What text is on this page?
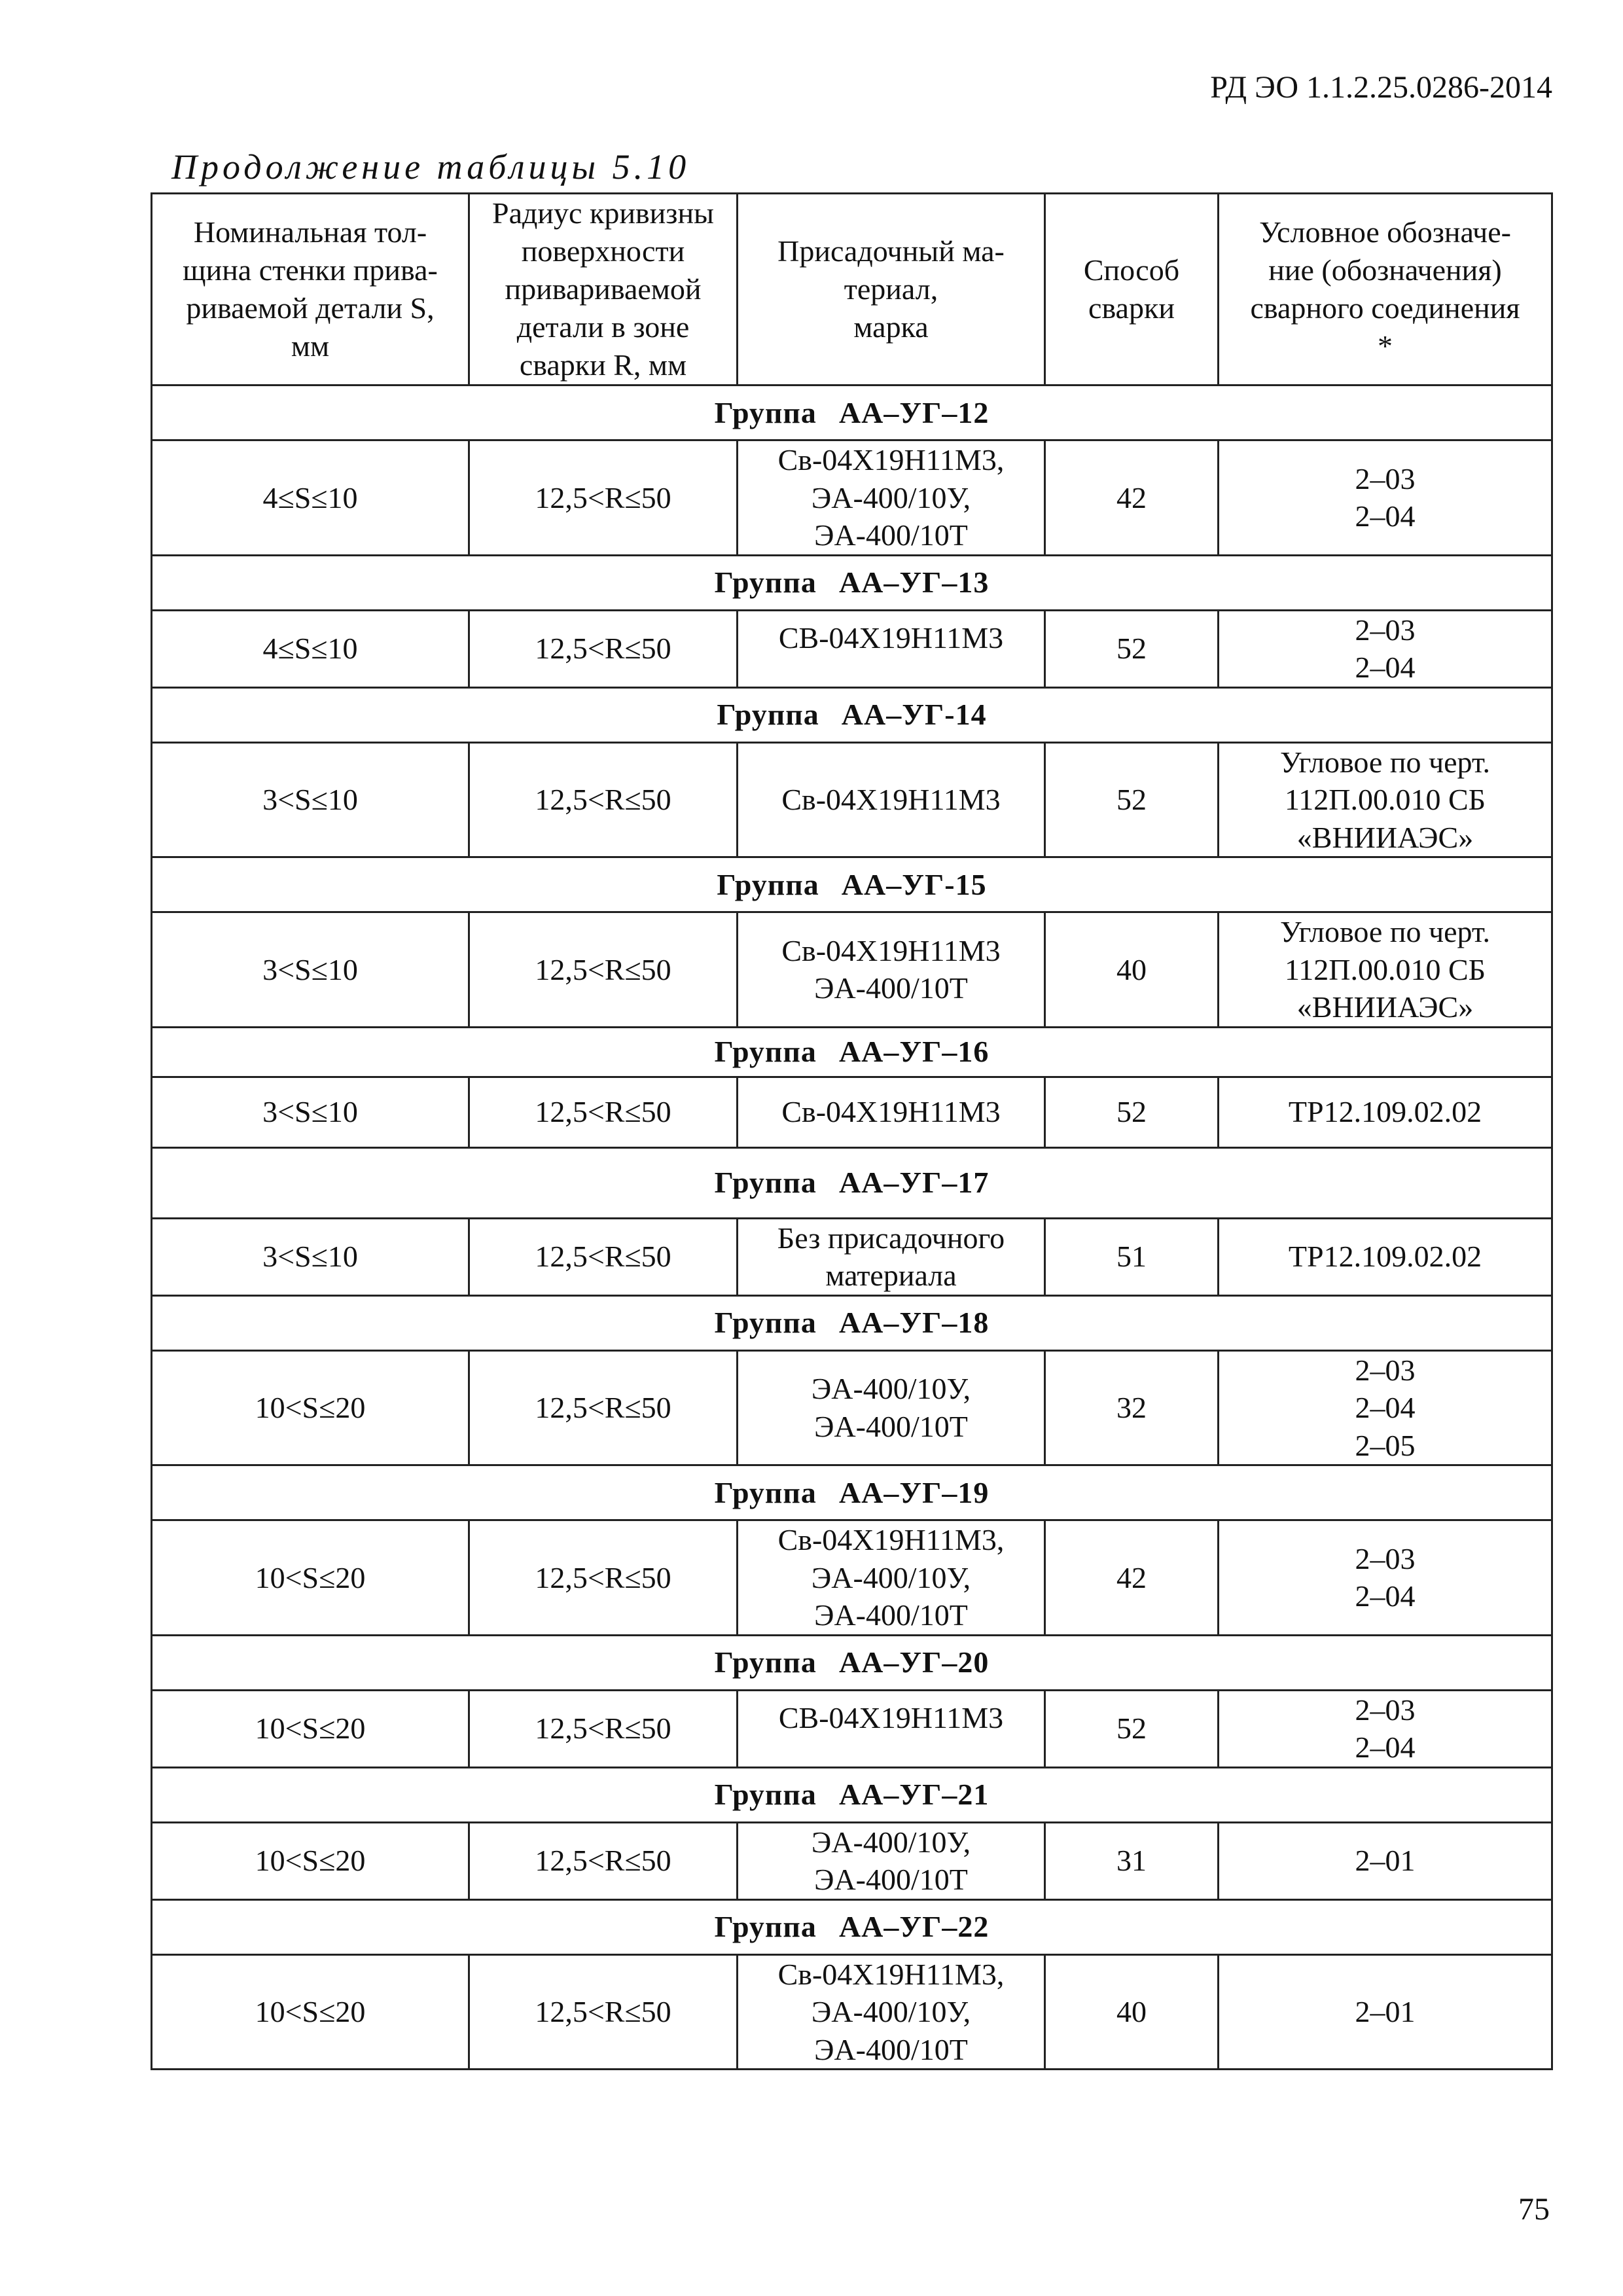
РД ЭО 1.1.2.25.0286-2014
Продолжение таблицы 5.10
Номинальная тол-
щина стенки прива-
риваемой детали S,
мм	Радиус кривизны
поверхности
привариваемой
детали в зоне
сварки R, мм	Присадочный ма-
териал,
марка	Способ
сварки	Условное обозначе-
ние (обозначения)
сварного соединения
*

Группа АА–УГ–12				
4≤S≤10	12,5<R≤50	Св-04Х19Н11М3,
ЭА-400/10У,
ЭА-400/10Т	42	2–03
2–04

Группа АА–УГ–13				
4≤S≤10	12,5<R≤50	СВ-04Х19Н11М3	52	2–03
2–04

Группа АА–УГ-14				
3<S≤10	12,5<R≤50	Св-04Х19Н11М3	52	Угловое по черт.
112П.00.010 СБ
«ВНИИАЭС»

Группа АА–УГ-15				
3<S≤10	12,5<R≤50	Св-04Х19Н11М3
ЭА-400/10Т	40	Угловое по черт.
112П.00.010 СБ
«ВНИИАЭС»

Группа АА–УГ–16				
3<S≤10	12,5<R≤50	Св-04Х19Н11М3	52	ТР12.109.02.02

Группа АА–УГ–17				
3<S≤10	12,5<R≤50	Без присадочного
материала	51	ТР12.109.02.02

Группа АА–УГ–18				
10<S≤20	12,5<R≤50	ЭА-400/10У,
ЭА-400/10Т	32	2–03
2–04
2–05

Группа АА–УГ–19				
10<S≤20	12,5<R≤50	Св-04Х19Н11М3,
ЭА-400/10У,
ЭА-400/10Т	42	2–03
2–04

Группа АА–УГ–20				
10<S≤20	12,5<R≤50	СВ-04Х19Н11М3	52	2–03
2–04

Группа АА–УГ–21				
10<S≤20	12,5<R≤50	ЭА-400/10У,
ЭА-400/10Т	31	2–01

Группа АА–УГ–22				
10<S≤20	12,5<R≤50	Св-04Х19Н11М3,
ЭА-400/10У,
ЭА-400/10Т	40	2–01
75
